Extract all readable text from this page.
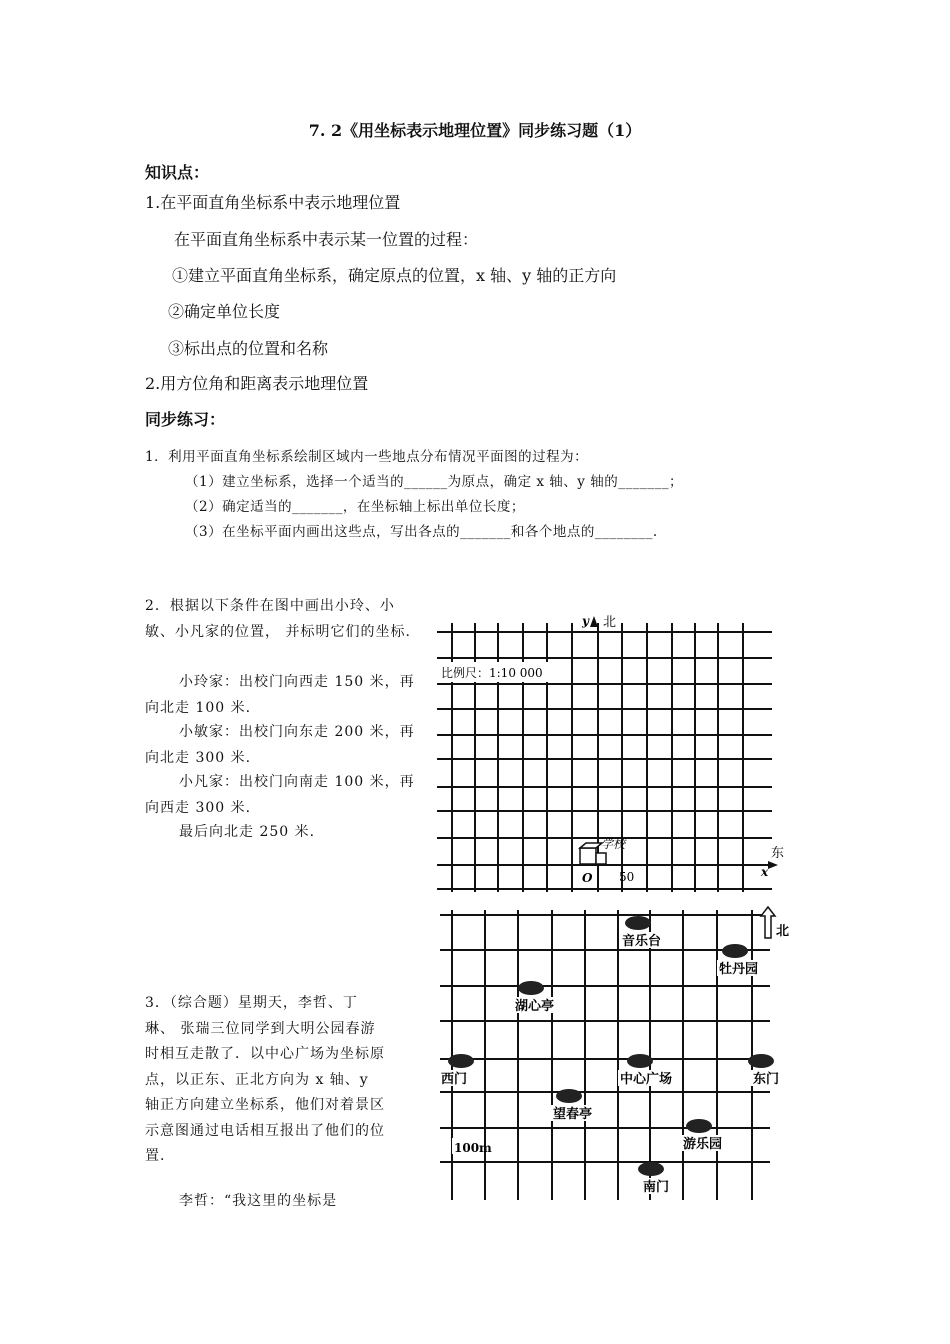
7. 2《用坐标表示地理位置》同步练习题（1）
知识点：
1.在平面直角坐标系中表示地理位置
在平面直角坐标系中表示某一位置的过程：
①建立平面直角坐标系，确定原点的位置，x 轴、y 轴的正方向
②确定单位长度
③标出点的位置和名称
2.用方位角和距离表示地理位置
同步练习：
1．利用平面直角坐标系绘制区域内一些地点分布情况平面图的过程为：
（1）建立坐标系，选择一个适当的______为原点，确定 x 轴、y 轴的_______；
（2）确定适当的_______，在坐标轴上标出单位长度；
（3）在坐标平面内画出这些点，写出各点的_______和各个地点的________.
2．根据以下条件在图中画出小玲、小敏、小凡家的位置， 并标明它们的坐标.
小玲家：出校门向西走 150 米，再向北走 100 米.
小敏家：出校门向东走 200 米，再向北走 300 米.
小凡家：出校门向南走 100 米，再向西走 300 米.
最后向北走 250 米.
3．（综合题）星期天，李哲、丁琳、 张瑞三位同学到大明公园春游时相互走散了．以中心广场为坐标原点，以正东、正北方向为 x 轴、y 轴正方向建立坐标系，他们对着景区示意图通过电话相互报出了他们的位置.
李哲：“我这里的坐标是
比例尺：1:10 000
y 北
东
x
学校
O 50
北
音乐台
牡丹园
湖心亭
西门	中心广场	东门
望春亭
游乐园
南门
100m
